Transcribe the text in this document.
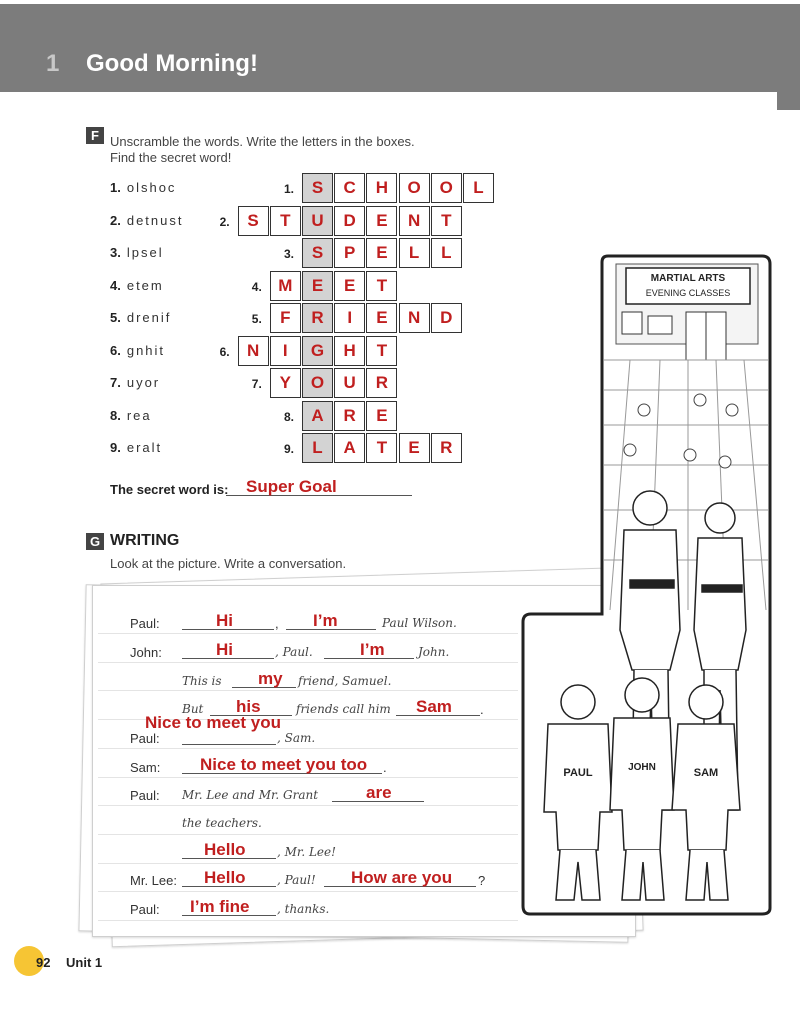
1 Good Morning!
F Unscramble the words. Write the letters in the boxes.
Find the secret word!
1. olshoc
2. detnust
3. lpsel
4. etem
5. drenif
6. gnhit
7. uyor
8. rea
9. eralt
1.	S	C	H	O	O	L
2.	S	T	U	D	E	N	T
3.	S	P	E	L	L
4. M	E	E	T
5.	F	R	I	E	N	D
6.	N	I	G	H	T
7.	Y	O	U	R
8.	A	R	E
9.	L	A	T	E	R
The secret word is: Super Goal
G WRITING
Look at the picture. Write a conversation.
Paul:	Hi	, I’m	Paul Wilson.
John:	Hi	, Paul.	I’m	John.
This is my friend, Samuel.
But his	friends call him Sam .
Nice to meet you
Paul:	, Sam.
Sam: Nice to meet you too .
Paul: Mr. Lee and Mr. Grant	are
the teachers.
Hello	, Mr. Lee!
Mr. Lee: Hello	, Paul! How are you ?
Paul: I’m fine , thanks.
MARTIAL ARTS
EVENING CLASSES
PAUL	JOHN	SAM
92 Unit 1
